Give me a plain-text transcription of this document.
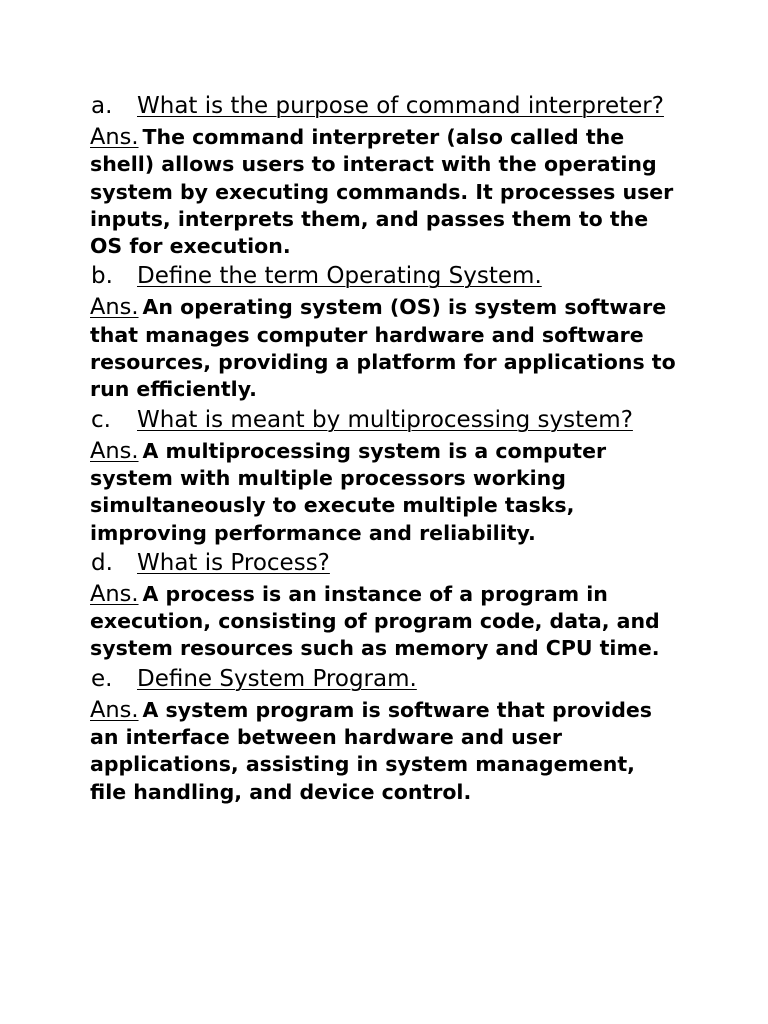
a.	What is the purpose of command interpreter?
Ans. The command interpreter (also called the shell) allows users to interact with the operating system by executing commands. It processes user inputs, interprets them, and passes them to the OS for execution.
b.	Define the term Operating System.
Ans. An operating system (OS) is system software that manages computer hardware and software resources, providing a platform for applications to run efficiently.
c.	What is meant by multiprocessing system?
Ans. A multiprocessing system is a computer system with multiple processors working simultaneously to execute multiple tasks, improving performance and reliability.
d.	What is Process?
Ans. A process is an instance of a program in execution, consisting of program code, data, and system resources such as memory and CPU time.
e.	Define System Program.
Ans. A system program is software that provides an interface between hardware and user applications, assisting in system management, file handling, and device control.
